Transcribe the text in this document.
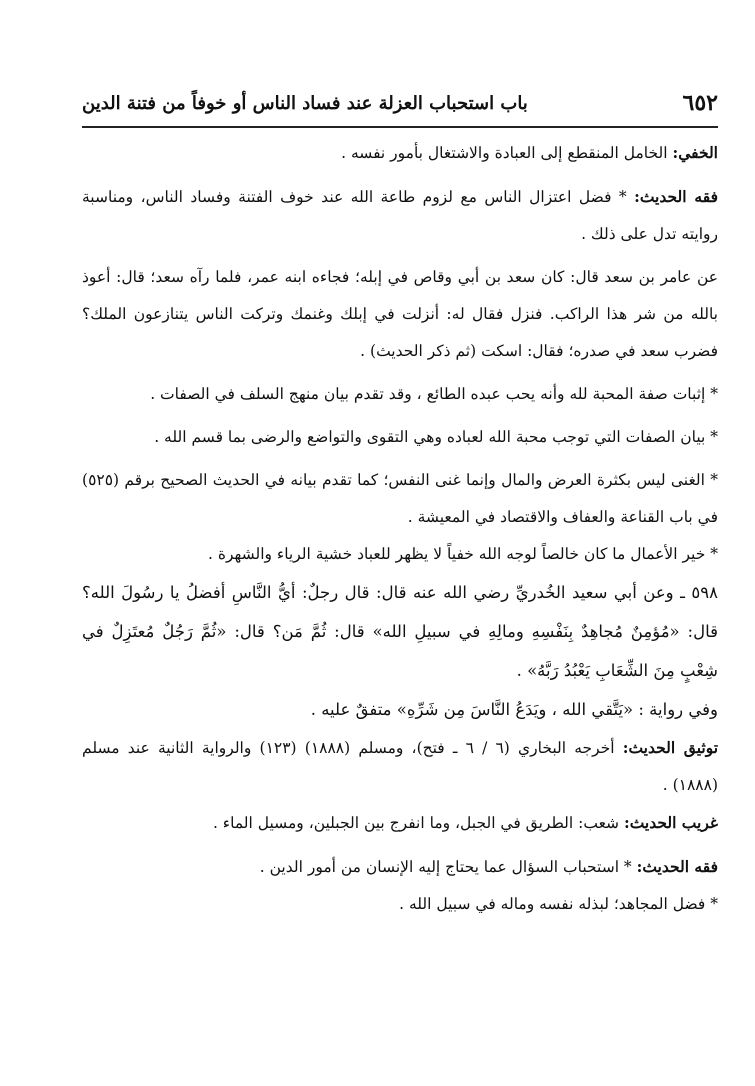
٦٥٢
باب استحباب العزلة عند فساد الناس أو خوفاً من فتنة الدين

الخفي: الخامل المنقطع إلى العبادة والاشتغال بأمور نفسه .

فقه الحديث: * فضل اعتزال الناس مع لزوم طاعة الله عند خوف الفتنة وفساد الناس، ومناسبة روايته تدل على ذلك .

عن عامر بن سعد قال: كان سعد بن أبي وقاص في إبله؛ فجاءه ابنه عمر، فلما رآه سعد؛ قال: أعوذ بالله من شر هذا الراكب. فنزل فقال له: أنزلت في إبلك وغنمك وتركت الناس يتنازعون الملك؟ فضرب سعد في صدره؛ فقال: اسكت (ثم ذكر الحديث) .

* إثبات صفة المحبة لله وأنه يحب عبده الطائع ، وقد تقدم بيان منهج السلف في الصفات .

* بيان الصفات التي توجب محبة الله لعباده وهي التقوى والتواضع والرضى بما قسم الله .

* الغنى ليس بكثرة العرض والمال وإنما غنى النفس؛ كما تقدم بيانه في الحديث الصحيح برقم (٥٢٥) في باب القناعة والعفاف والاقتصاد في المعيشة .

* خير الأعمال ما كان خالصاً لوجه الله خفياً لا يظهر للعباد خشية الرياء والشهرة .

٥٩٨ ـ وعن أبي سعيد الخُدريِّ رضي الله عنه قال: قال رجلٌ: أيُّ النَّاسِ أفضلُ يا رسُولَ الله؟ قال: «مُؤمِنٌ مُجاهِدٌ بِنَفْسِهِ ومالِهِ في سبيلِ الله» قال: ثُمَّ مَن؟ قال: «ثُمَّ رَجُلٌ مُعتَزِلٌ في شِعْبٍ مِنَ الشِّعَابِ يَعْبُدُ رَبَّهُ» .

وفي رواية : «يَتَّقي الله ، ويَدَعُ النَّاسَ مِن شَرِّهِ» متفقٌ عليه .

توثيق الحديث: أخرجه البخاري (٦ / ٦ ـ فتح)، ومسلم (١٨٨٨) (١٢٣) والرواية الثانية عند مسلم (١٨٨٨) .

غريب الحديث: شعب: الطريق في الجبل، وما انفرج بين الجبلين، ومسيل الماء .

فقه الحديث: * استحباب السؤال عما يحتاج إليه الإنسان من أمور الدين .

* فضل المجاهد؛ لبذله نفسه وماله في سبيل الله .
